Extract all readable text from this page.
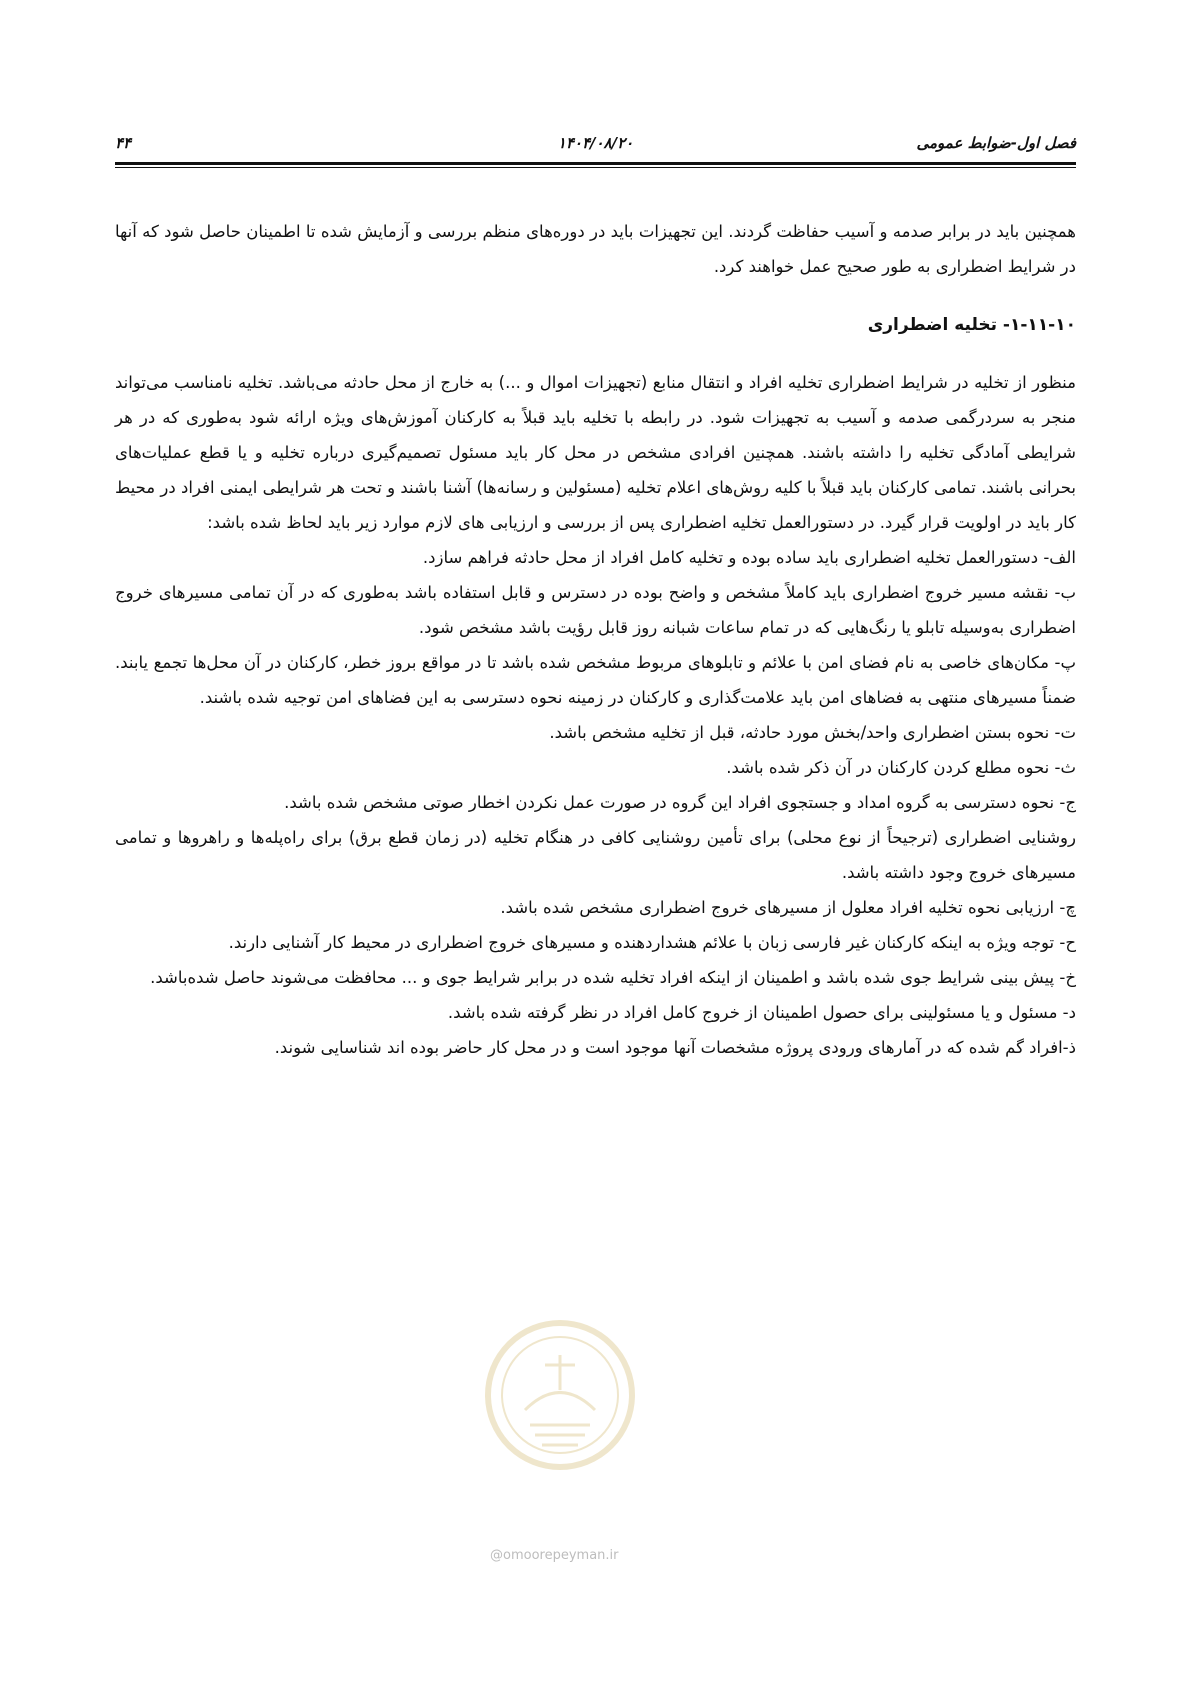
۴۴	۱۴۰۴/۰۸/۲۰	فصل اول-ضوابط عمومی

همچنین باید در برابر صدمه و آسیب حفاظت گردند. این تجهیزات باید در دوره‌های منظم بررسی و آزمایش شده تا اطمینان حاصل شود که آنها در شرایط اضطراری به طور صحیح عمل خواهند کرد.

۱-۱۱-۱۰- تخلیه اضطراری

منظور از تخلیه در شرایط اضطراری تخلیه افراد و انتقال منابع (تجهیزات اموال و ...) به خارج از محل حادثه می‌باشد. تخلیه نامناسب می‌تواند منجر به سردرگمی صدمه و آسیب به تجهیزات شود. در رابطه با تخلیه باید قبلاً به کارکنان آموزش‌های ویژه ارائه شود به‌طوری که در هر شرایطی آمادگی تخلیه را داشته باشند. همچنین افرادی مشخص در محل کار باید مسئول تصمیم‌گیری درباره تخلیه و یا قطع عملیات‌های بحرانی باشند. تمامی کارکنان باید قبلاً با کلیه روش‌های اعلام تخلیه (مسئولین و رسانه‌ها) آشنا باشند و تحت هر شرایطی ایمنی افراد در محیط کار باید در اولویت قرار گیرد. در دستورالعمل تخلیه اضطراری پس از بررسی و ارزیابی های لازم موارد زیر باید لحاظ شده باشد:

الف- دستورالعمل تخلیه اضطراری باید ساده بوده و تخلیه کامل افراد از محل حادثه فراهم سازد.

ب- نقشه مسیر خروج اضطراری باید کاملاً مشخص و واضح بوده در دسترس و قابل استفاده باشد به‌طوری که در آن تمامی مسیرهای خروج اضطراری به‌وسیله تابلو یا رنگ‌هایی که در تمام ساعات شبانه روز قابل رؤیت باشد مشخص شود.

پ- مکان‌های خاصی به نام فضای امن با علائم و تابلوهای مربوط مشخص شده باشد تا در مواقع بروز خطر، کارکنان در آن محل‌ها تجمع یابند. ضمناً مسیرهای منتهی به فضاهای امن باید علامت‌گذاری و کارکنان در زمینه نحوه دسترسی به این فضاهای امن توجیه شده باشند.

ت- نحوه بستن اضطراری واحد/بخش مورد حادثه، قبل از تخلیه مشخص باشد.

ث- نحوه مطلع کردن کارکنان در آن ذکر شده باشد.

ج- نحوه دسترسی به گروه امداد و جستجوی افراد این گروه در صورت عمل نکردن اخطار صوتی مشخص شده باشد.

روشنایی اضطراری (ترجیحاً از نوع محلی) برای تأمین روشنایی کافی در هنگام تخلیه (در زمان قطع برق) برای راه‌پله‌ها و راهروها و تمامی مسیرهای خروج وجود داشته باشد.

چ- ارزیابی نحوه تخلیه افراد معلول از مسیرهای خروج اضطراری مشخص شده باشد.

ح- توجه ویژه به اینکه کارکنان غیر فارسی زبان با علائم هشداردهنده و مسیرهای خروج اضطراری در محیط کار آشنایی دارند.

خ- پیش بینی شرایط جوی شده باشد و اطمینان از اینکه افراد تخلیه شده در برابر شرایط جوی و ... محافظت می‌شوند حاصل شده‌باشد.

د- مسئول و یا مسئولینی برای حصول اطمینان از خروج کامل افراد در نظر گرفته شده باشد.

ذ-افراد گم شده که در آمارهای ورودی پروژه مشخصات آنها موجود است و در محل کار حاضر بوده اند شناسایی شوند.

@omoorepeyman.ir
